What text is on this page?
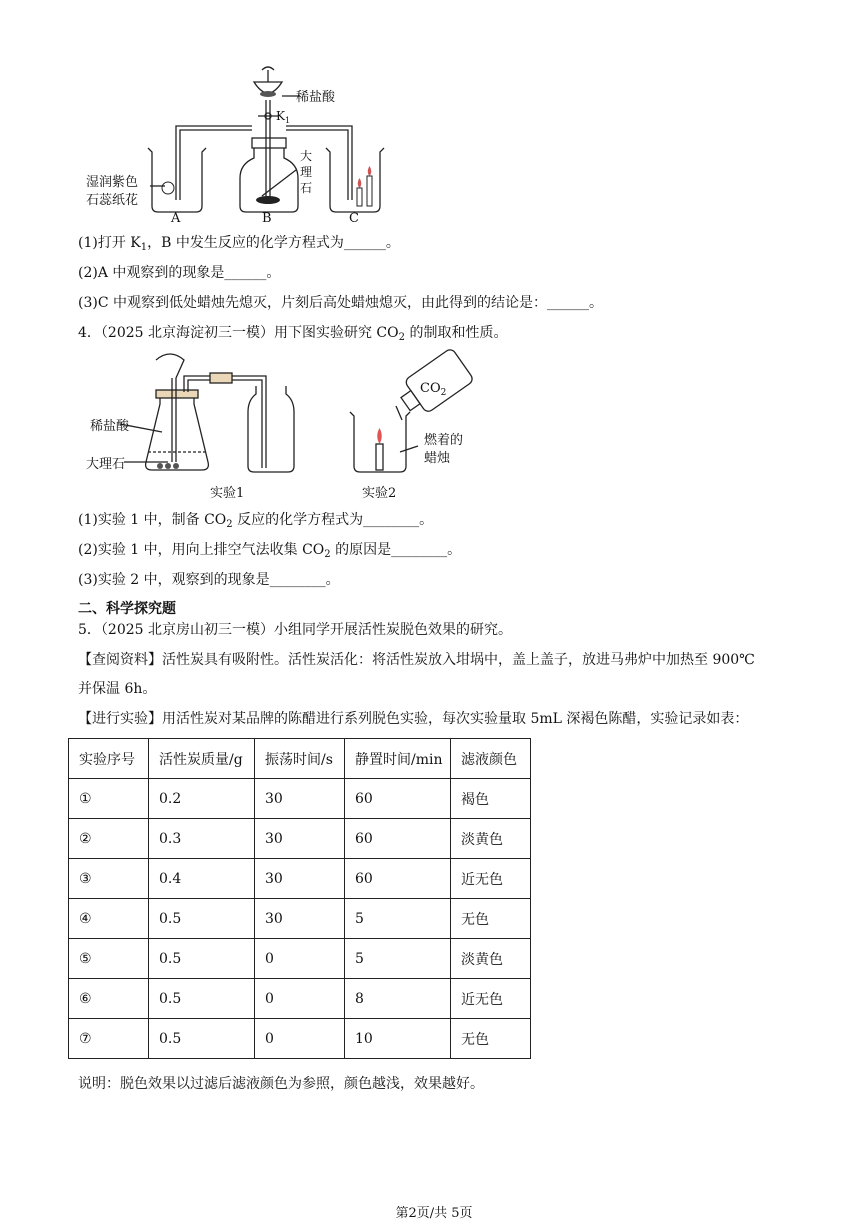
稀盐酸
$K_1$
大
理
石
湿润紫色
石蕊纸花
A	B	C
(1)打开 $K_1$，B 中发生反应的化学方程式为______。
(2)A 中观察到的现象是______。
(3)C 中观察到低处蜡烛先熄灭，片刻后高处蜡烛熄灭，由此得到的结论是：______。
4．（2025 北京海淀初三一模）用下图实验研究 $CO_2$ 的制取和性质。
稀盐酸
大理石
$CO_2$
燃着的
蜡烛
实验1	实验2
(1)实验 1 中，制备 $CO_2$ 反应的化学方程式为________。
(2)实验 1 中，用向上排空气法收集 $CO_2$ 的原因是________。
(3)实验 2 中，观察到的现象是________。
二、科学探究题
5．（2025 北京房山初三一模）小组同学开展活性炭脱色效果的研究。
【查阅资料】活性炭具有吸附性。活性炭活化：将活性炭放入坩埚中，盖上盖子，放进马弗炉中加热至 900℃
并保温 6h。
【进行实验】用活性炭对某品牌的陈醋进行系列脱色实验，每次实验量取 5mL 深褐色陈醋，实验记录如表：
实验序号	活性炭质量/g	振荡时间/s	静置时间/min	滤液颜色
①	0.2	30	60	褐色
②	0.3	30	60	淡黄色
③	0.4	30	60	近无色
④	0.5	30	5	无色
⑤	0.5	0	5	淡黄色
⑥	0.5	0	8	近无色
⑦	0.5	0	10	无色
说明：脱色效果以过滤后滤液颜色为参照，颜色越浅，效果越好。
第2页/共 5页
